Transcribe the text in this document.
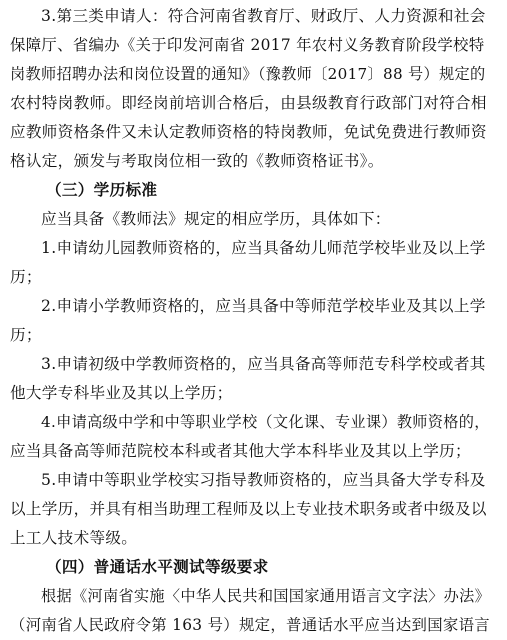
3.第三类申请人：符合河南省教育厅、财政厅、人力资源和社会
保障厅、省编办《关于印发河南省 2017 年农村义务教育阶段学校特
岗教师招聘办法和岗位设置的通知》（豫教师〔2017〕88 号）规定的
农村特岗教师。即经岗前培训合格后，由县级教育行政部门对符合相
应教师资格条件又未认定教师资格的特岗教师，免试免费进行教师资
格认定，颁发与考取岗位相一致的《教师资格证书》。
（三）学历标准
应当具备《教师法》规定的相应学历，具体如下：
1.申请幼儿园教师资格的，应当具备幼儿师范学校毕业及以上学
历；
2.申请小学教师资格的，应当具备中等师范学校毕业及其以上学
历；
3.申请初级中学教师资格的，应当具备高等师范专科学校或者其
他大学专科毕业及其以上学历；
4.申请高级中学和中等职业学校（文化课、专业课）教师资格的，
应当具备高等师范院校本科或者其他大学本科毕业及其以上学历；
5.申请中等职业学校实习指导教师资格的，应当具备大学专科及
以上学历，并具有相当助理工程师及以上专业技术职务或者中级及以
上工人技术等级。
（四）普通话水平测试等级要求
根据《河南省实施〈中华人民共和国国家通用语言文字法〉办法》
（河南省人民政府令第 163 号）规定，普通话水平应当达到国家语言
